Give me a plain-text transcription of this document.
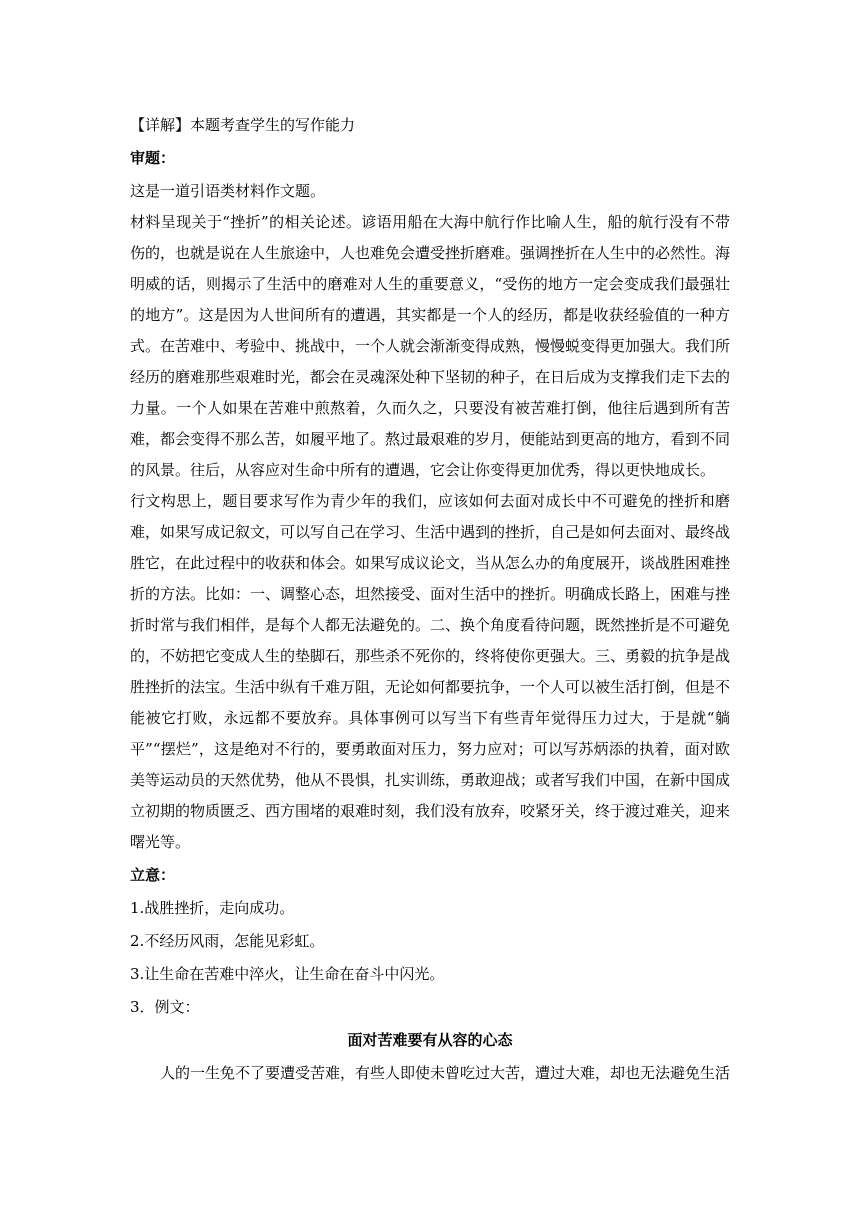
【详解】本题考查学生的写作能力

审题：

这是一道引语类材料作文题。

材料呈现关于“挫折”的相关论述。谚语用船在大海中航行作比喻人生，船的航行没有不带伤的，也就是说在人生旅途中，人也难免会遭受挫折磨难。强调挫折在人生中的必然性。海明威的话，则揭示了生活中的磨难对人生的重要意义，“受伤的地方一定会变成我们最强壮的地方”。这是因为人世间所有的遭遇，其实都是一个人的经历，都是收获经验值的一种方式。在苦难中、考验中、挑战中，一个人就会渐渐变得成熟，慢慢蜕变得更加强大。我们所经历的磨难那些艰难时光，都会在灵魂深处种下坚韧的种子，在日后成为支撑我们走下去的力量。一个人如果在苦难中煎熬着，久而久之，只要没有被苦难打倒，他往后遇到所有苦难，都会变得不那么苦，如履平地了。熬过最艰难的岁月，便能站到更高的地方，看到不同的风景。往后，从容应对生命中所有的遭遇，它会让你变得更加优秀，得以更快地成长。

行文构思上，题目要求写作为青少年的我们，应该如何去面对成长中不可避免的挫折和磨难，如果写成记叙文，可以写自己在学习、生活中遇到的挫折，自己是如何去面对、最终战胜它，在此过程中的收获和体会。如果写成议论文，当从怎么办的角度展开，谈战胜困难挫折的方法。比如：一、调整心态，坦然接受、面对生活中的挫折。明确成长路上，困难与挫折时常与我们相伴，是每个人都无法避免的。二、换个角度看待问题，既然挫折是不可避免的，不妨把它变成人生的垫脚石，那些杀不死你的，终将使你更强大。三、勇毅的抗争是战胜挫折的法宝。生活中纵有千难万阻，无论如何都要抗争，一个人可以被生活打倒，但是不能被它打败，永远都不要放弃。具体事例可以写当下有些青年觉得压力过大，于是就“躺平”“摆烂”，这是绝对不行的，要勇敢面对压力，努力应对；可以写苏炳添的执着，面对欧美等运动员的天然优势，他从不畏惧，扎实训练，勇敢迎战；或者写我们中国，在新中国成立初期的物质匮乏、西方围堵的艰难时刻，我们没有放弃，咬紧牙关，终于渡过难关，迎来曙光等。

立意：

1.战胜挫折，走向成功。

2.不经历风雨，怎能见彩虹。

3.让生命在苦难中淬火，让生命在奋斗中闪光。

3．例文：

面对苦难要有从容的心态

人的一生免不了要遭受苦难，有些人即使未曾吃过大苦，遭过大难，却也无法避免生活
